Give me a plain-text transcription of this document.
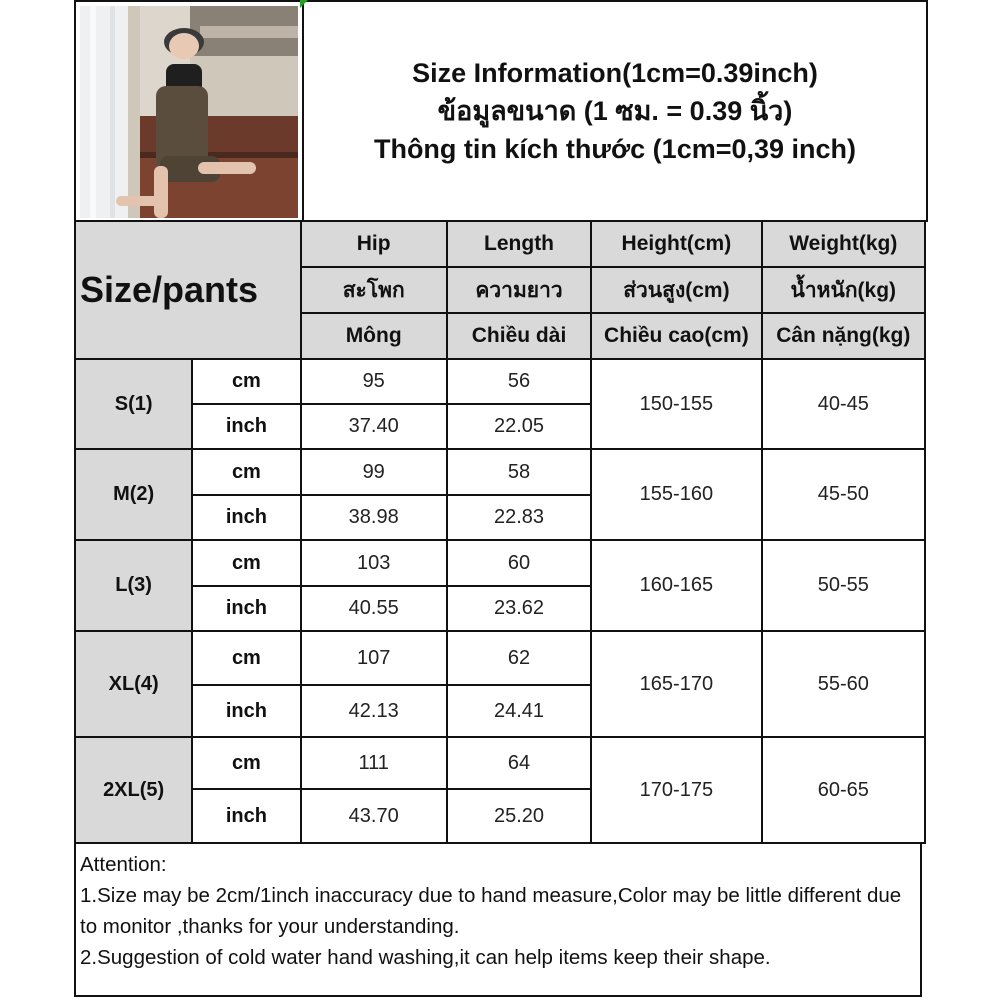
Size Information(1cm=0.39inch)
ข้อมูลขนาด (1 ซม. = 0.39 นิ้ว)
Thông tin kích thước (1cm=0,39 inch)
Size/pants		Hip	Length	Height(cm)	Weight(kg)
		สะโพก	ความยาว	ส่วนสูง(cm)	น้ำหนัก(kg)
		Mông	Chiều dài	Chiều cao(cm)	Cân nặng(kg)
S(1)	cm	95	56	150-155	40-45
	inch	37.40	22.05		
M(2)	cm	99	58	155-160	45-50
	inch	38.98	22.83		
L(3)	cm	103	60	160-165	50-55
	inch	40.55	23.62		
XL(4)	cm	107	62	165-170	55-60
	inch	42.13	24.41		
2XL(5)	cm	111	64	170-175	60-65
	inch	43.70	25.20		
Attention:
1.Size may be 2cm/1inch inaccuracy due to hand measure,Color may be little different due to monitor ,thanks for your understanding.
2.Suggestion of cold water hand washing,it can help items keep their shape.
